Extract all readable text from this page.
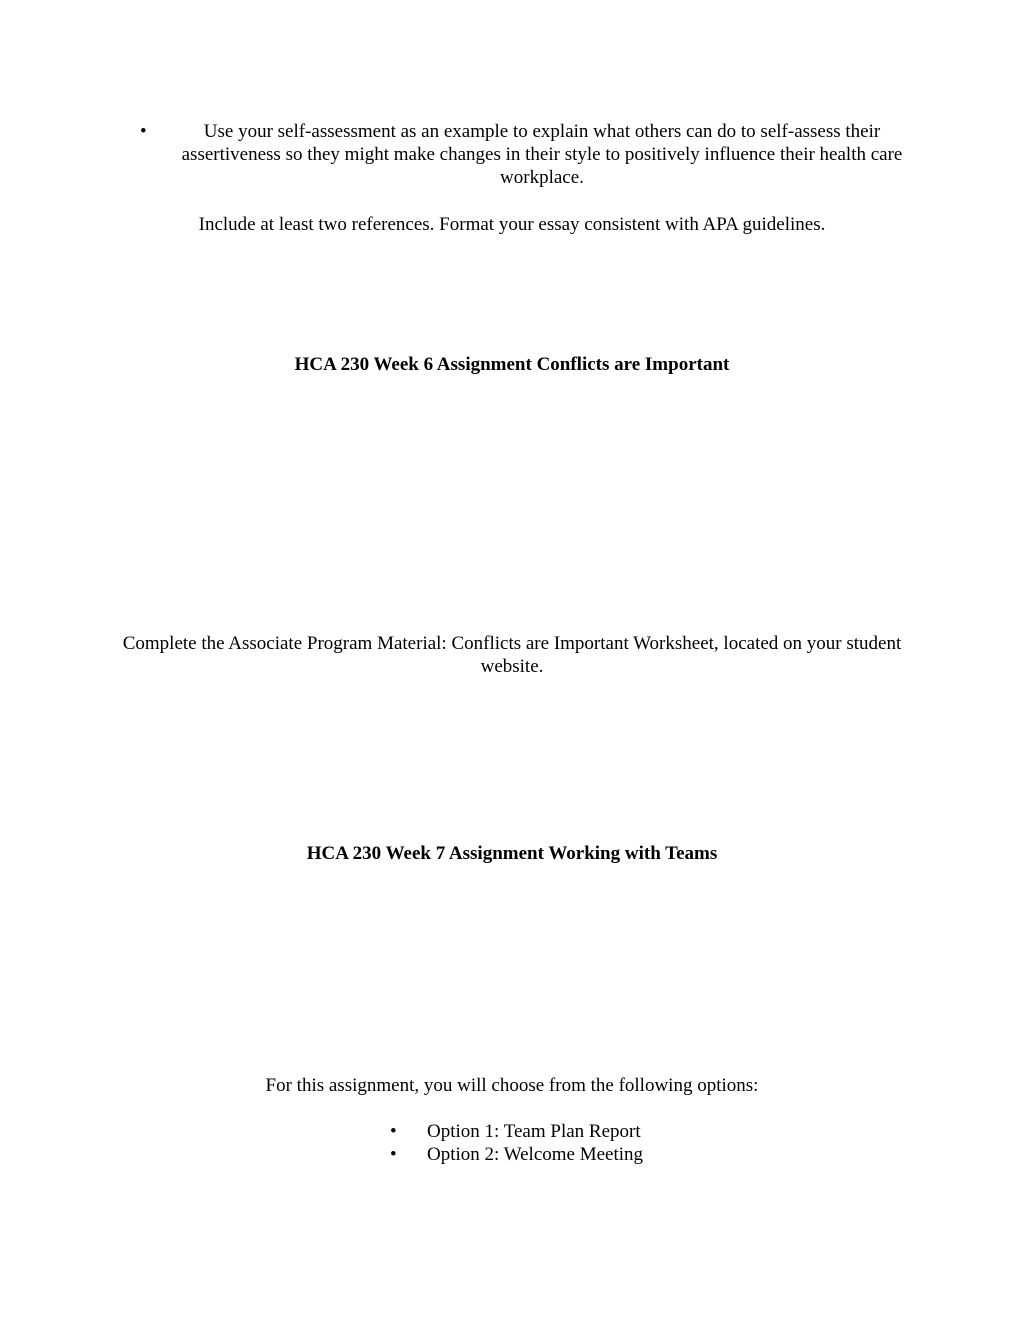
•	Use your self-assessment as an example to explain what others can do to self-assess their assertiveness so they might make changes in their style to positively influence their health care workplace.
Include at least two references. Format your essay consistent with APA guidelines.
HCA 230 Week 6 Assignment Conflicts are Important
Complete the Associate Program Material: Conflicts are Important Worksheet, located on your student website.
HCA 230 Week 7 Assignment Working with Teams
For this assignment, you will choose from the following options:
• Option 1: Team Plan Report
• Option 2: Welcome Meeting
